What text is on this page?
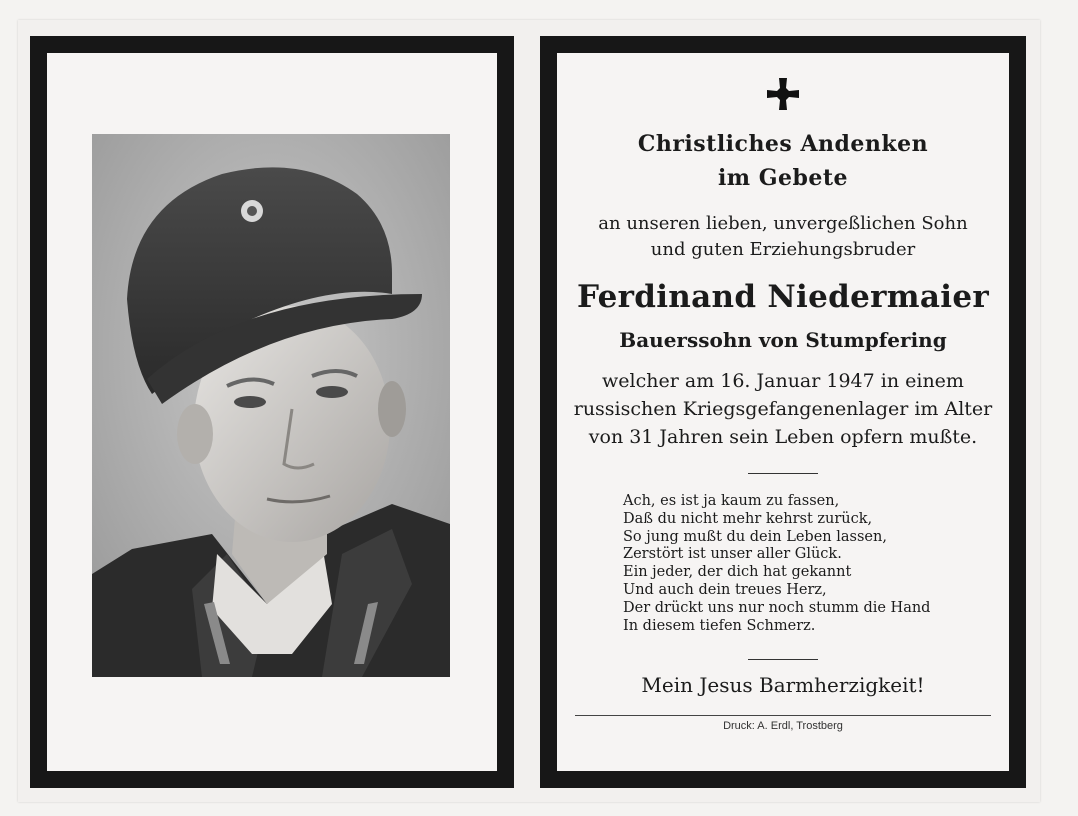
Christliches Andenken
im Gebete
an unseren lieben, unvergeßlichen Sohn
und guten Erziehungsbruder
Ferdinand Niedermaier
Bauerssohn von Stumpfering
welcher am 16. Januar 1947 in einem
russischen Kriegsgefangenenlager im Alter
von 31 Jahren sein Leben opfern mußte.
Ach, es ist ja kaum zu fassen,
Daß du nicht mehr kehrst zurück,
So jung mußt du dein Leben lassen,
Zerstört ist unser aller Glück.
Ein jeder, der dich hat gekannt
Und auch dein treues Herz,
Der drückt uns nur noch stumm die Hand
In diesem tiefen Schmerz.
Mein Jesus Barmherzigkeit!
Druck: A. Erdl, Trostberg
